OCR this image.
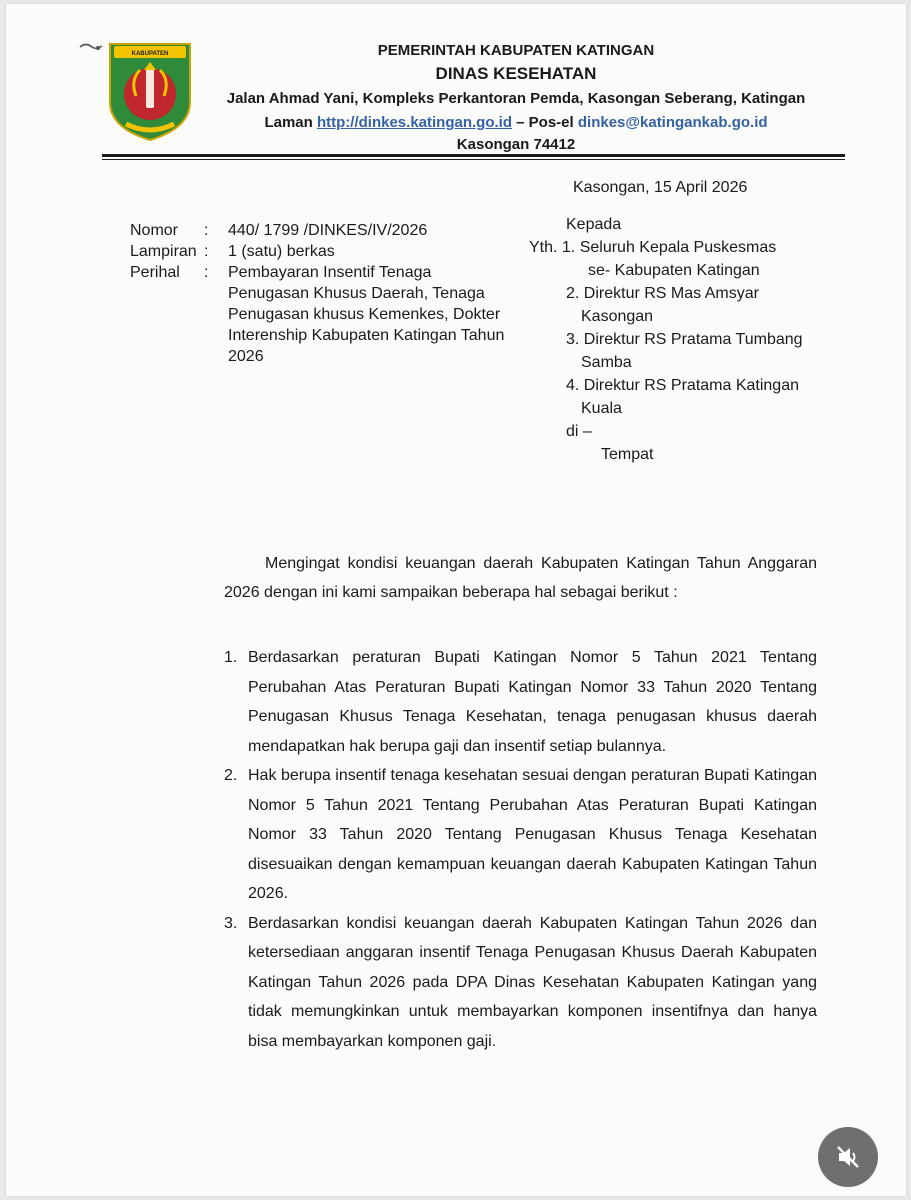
KABUPATEN	PEMERINTAH KABUPATEN KATINGAN
DINAS KESEHATAN
Jalan Ahmad Yani, Kompleks Perkantoran Pemda, Kasongan Seberang, Katingan
Laman http://dinkes.katingan.go.id – Pos-el dinkes@katingankab.go.id
Kasongan 74412
Kasongan, 15 April 2026
Nomor	:	440/ 1799 /DINKES/IV/2026
Lampiran :	1 (satu) berkas
Perihal	:	Pembayaran Insentif Tenaga Penugasan Khusus Daerah, Tenaga Penugasan khusus Kemenkes, Dokter Interenship Kabupaten Katingan Tahun 2026
Kepada
Yth. 1. Seluruh Kepala Puskesmas
se- Kabupaten Katingan
2. Direktur RS Mas Amsyar
Kasongan
3. Direktur RS Pratama Tumbang
Samba
4. Direktur RS Pratama Katingan
Kuala
di –
Tempat

Mengingat kondisi keuangan daerah Kabupaten Katingan Tahun Anggaran 2026 dengan ini kami sampaikan beberapa hal sebagai berikut :

1. Berdasarkan peraturan Bupati Katingan Nomor 5 Tahun 2021 Tentang Perubahan Atas Peraturan Bupati Katingan Nomor 33 Tahun 2020 Tentang Penugasan Khusus Tenaga Kesehatan, tenaga penugasan khusus daerah mendapatkan hak berupa gaji dan insentif setiap bulannya.
2. Hak berupa insentif tenaga kesehatan sesuai dengan peraturan Bupati Katingan Nomor 5 Tahun 2021 Tentang Perubahan Atas Peraturan Bupati Katingan Nomor 33 Tahun 2020 Tentang Penugasan Khusus Tenaga Kesehatan disesuaikan dengan kemampuan keuangan daerah Kabupaten Katingan Tahun 2026.
3. Berdasarkan kondisi keuangan daerah Kabupaten Katingan Tahun 2026 dan ketersediaan anggaran insentif Tenaga Penugasan Khusus Daerah Kabupaten Katingan Tahun 2026 pada DPA Dinas Kesehatan Kabupaten Katingan yang tidak memungkinkan untuk membayarkan komponen insentifnya dan hanya bisa membayarkan komponen gaji.
